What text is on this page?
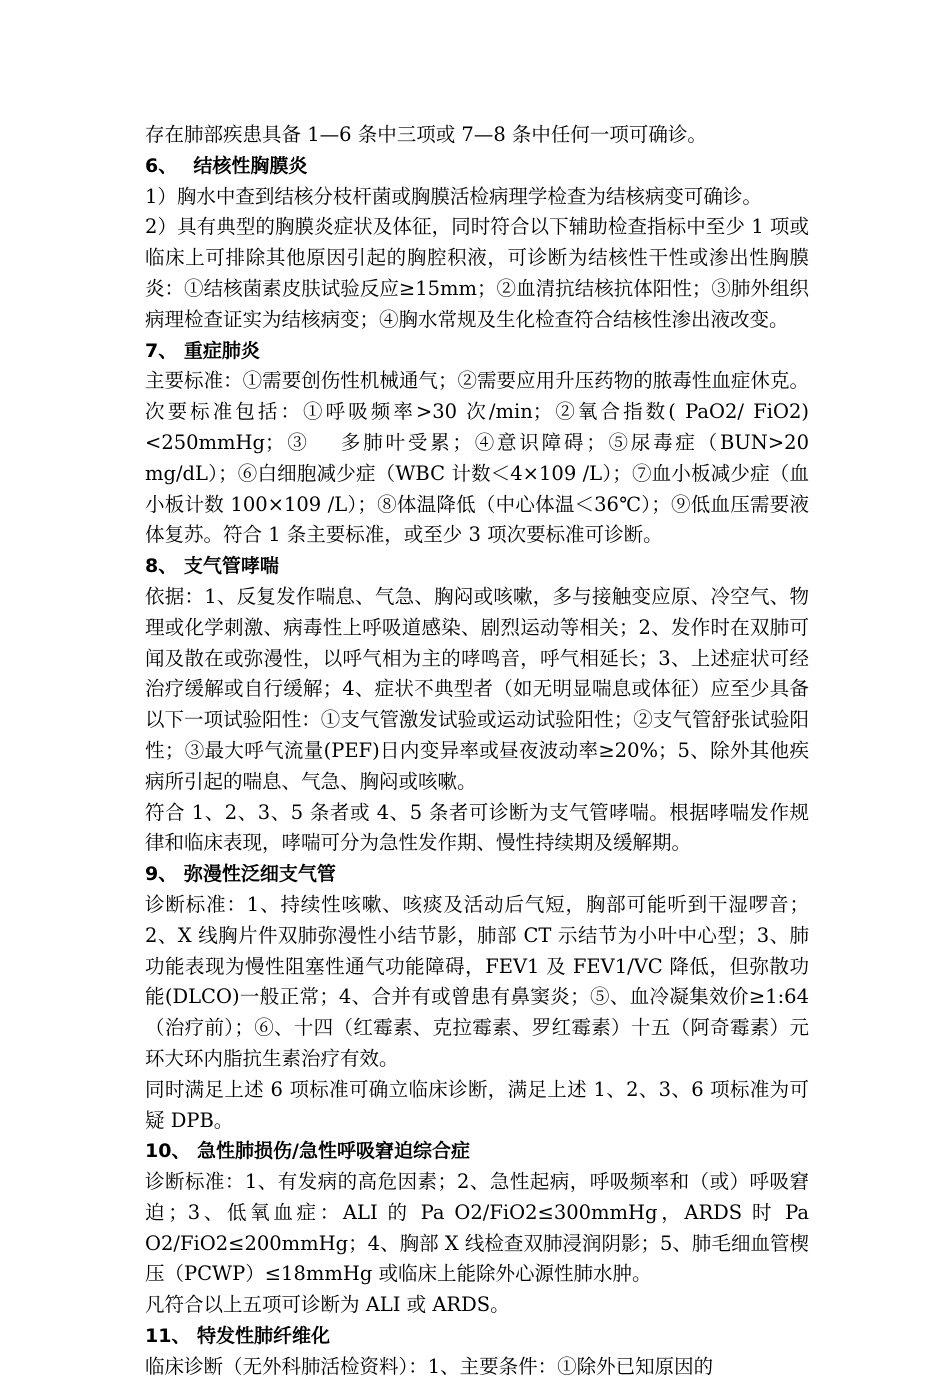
存在肺部疾患具备 1—6 条中三项或 7—8 条中任何一项可确诊。

6、　 结核性胸膜炎

1）胸水中查到结核分枝杆菌或胸膜活检病理学检查为结核病变可确诊。

2）具有典型的胸膜炎症状及体征，同时符合以下辅助检查指标中至少 1 项或临床上可排除其他原因引起的胸腔积液，可诊断为结核性干性或渗出性胸膜炎：①结核菌素皮肤试验反应≥15mm；②血清抗结核抗体阳性；③肺外组织病理检查证实为结核病变；④胸水常规及生化检查符合结核性渗出液改变。

7、 重症肺炎

主要标准：①需要创伤性机械通气；②需要应用升压药物的脓毒性血症休克。次要标准包括：①呼吸频率>30 次/min；②氧合指数( PaO2/ FiO2) <250mmHg；③　 多肺叶受累；④意识障碍；⑤尿毒症（BUN>20 mg/dL）；⑥白细胞减少症（WBC 计数＜4×109 /L）；⑦血小板减少症（血小板计数 100×109 /L）；⑧体温降低（中心体温＜36℃）；⑨低血压需要液体复苏。符合 1 条主要标准，或至少 3 项次要标准可诊断。

8、 支气管哮喘

依据：1、反复发作喘息、气急、胸闷或咳嗽，多与接触变应原、冷空气、物理或化学刺激、病毒性上呼吸道感染、剧烈运动等相关；2、发作时在双肺可闻及散在或弥漫性，以呼气相为主的哮鸣音，呼气相延长；3、上述症状可经治疗缓解或自行缓解；4、症状不典型者（如无明显喘息或体征）应至少具备以下一项试验阳性：①支气管激发试验或运动试验阳性；②支气管舒张试验阳性；③最大呼气流量(PEF)日内变异率或昼夜波动率≥20%；5、除外其他疾病所引起的喘息、气急、胸闷或咳嗽。

符合 1、2、3、5 条者或 4、5 条者可诊断为支气管哮喘。根据哮喘发作规律和临床表现，哮喘可分为急性发作期、慢性持续期及缓解期。

9、 弥漫性泛细支气管

诊断标准：1、持续性咳嗽、咳痰及活动后气短，胸部可能听到干湿啰音；2、X 线胸片件双肺弥漫性小结节影，肺部 CT 示结节为小叶中心型；3、肺功能表现为慢性阻塞性通气功能障碍，FEV1 及 FEV1/VC 降低，但弥散功能(DLCO)一般正常；4、合并有或曾患有鼻窦炎；⑤、血冷凝集效价≥1:64（治疗前）；⑥、十四（红霉素、克拉霉素、罗红霉素）十五（阿奇霉素）元环大环内脂抗生素治疗有效。

同时满足上述 6 项标准可确立临床诊断，满足上述 1、2、3、6 项标准为可疑 DPB。

10、 急性肺损伤/急性呼吸窘迫综合症

诊断标准：1、有发病的高危因素；2、急性起病，呼吸频率和（或）呼吸窘迫；3、低氧血症：ALI 的 Pa O2/FiO2≤300mmHg，ARDS 时 Pa O2/FiO2≤200mmHg；4、胸部 X 线检查双肺浸润阴影；5、肺毛细血管楔压（PCWP）≤18mmHg 或临床上能除外心源性肺水肿。

凡符合以上五项可诊断为 ALI 或 ARDS。

11、 特发性肺纤维化

临床诊断（无外科肺活检资料）：1、主要条件：①除外已知原因的
